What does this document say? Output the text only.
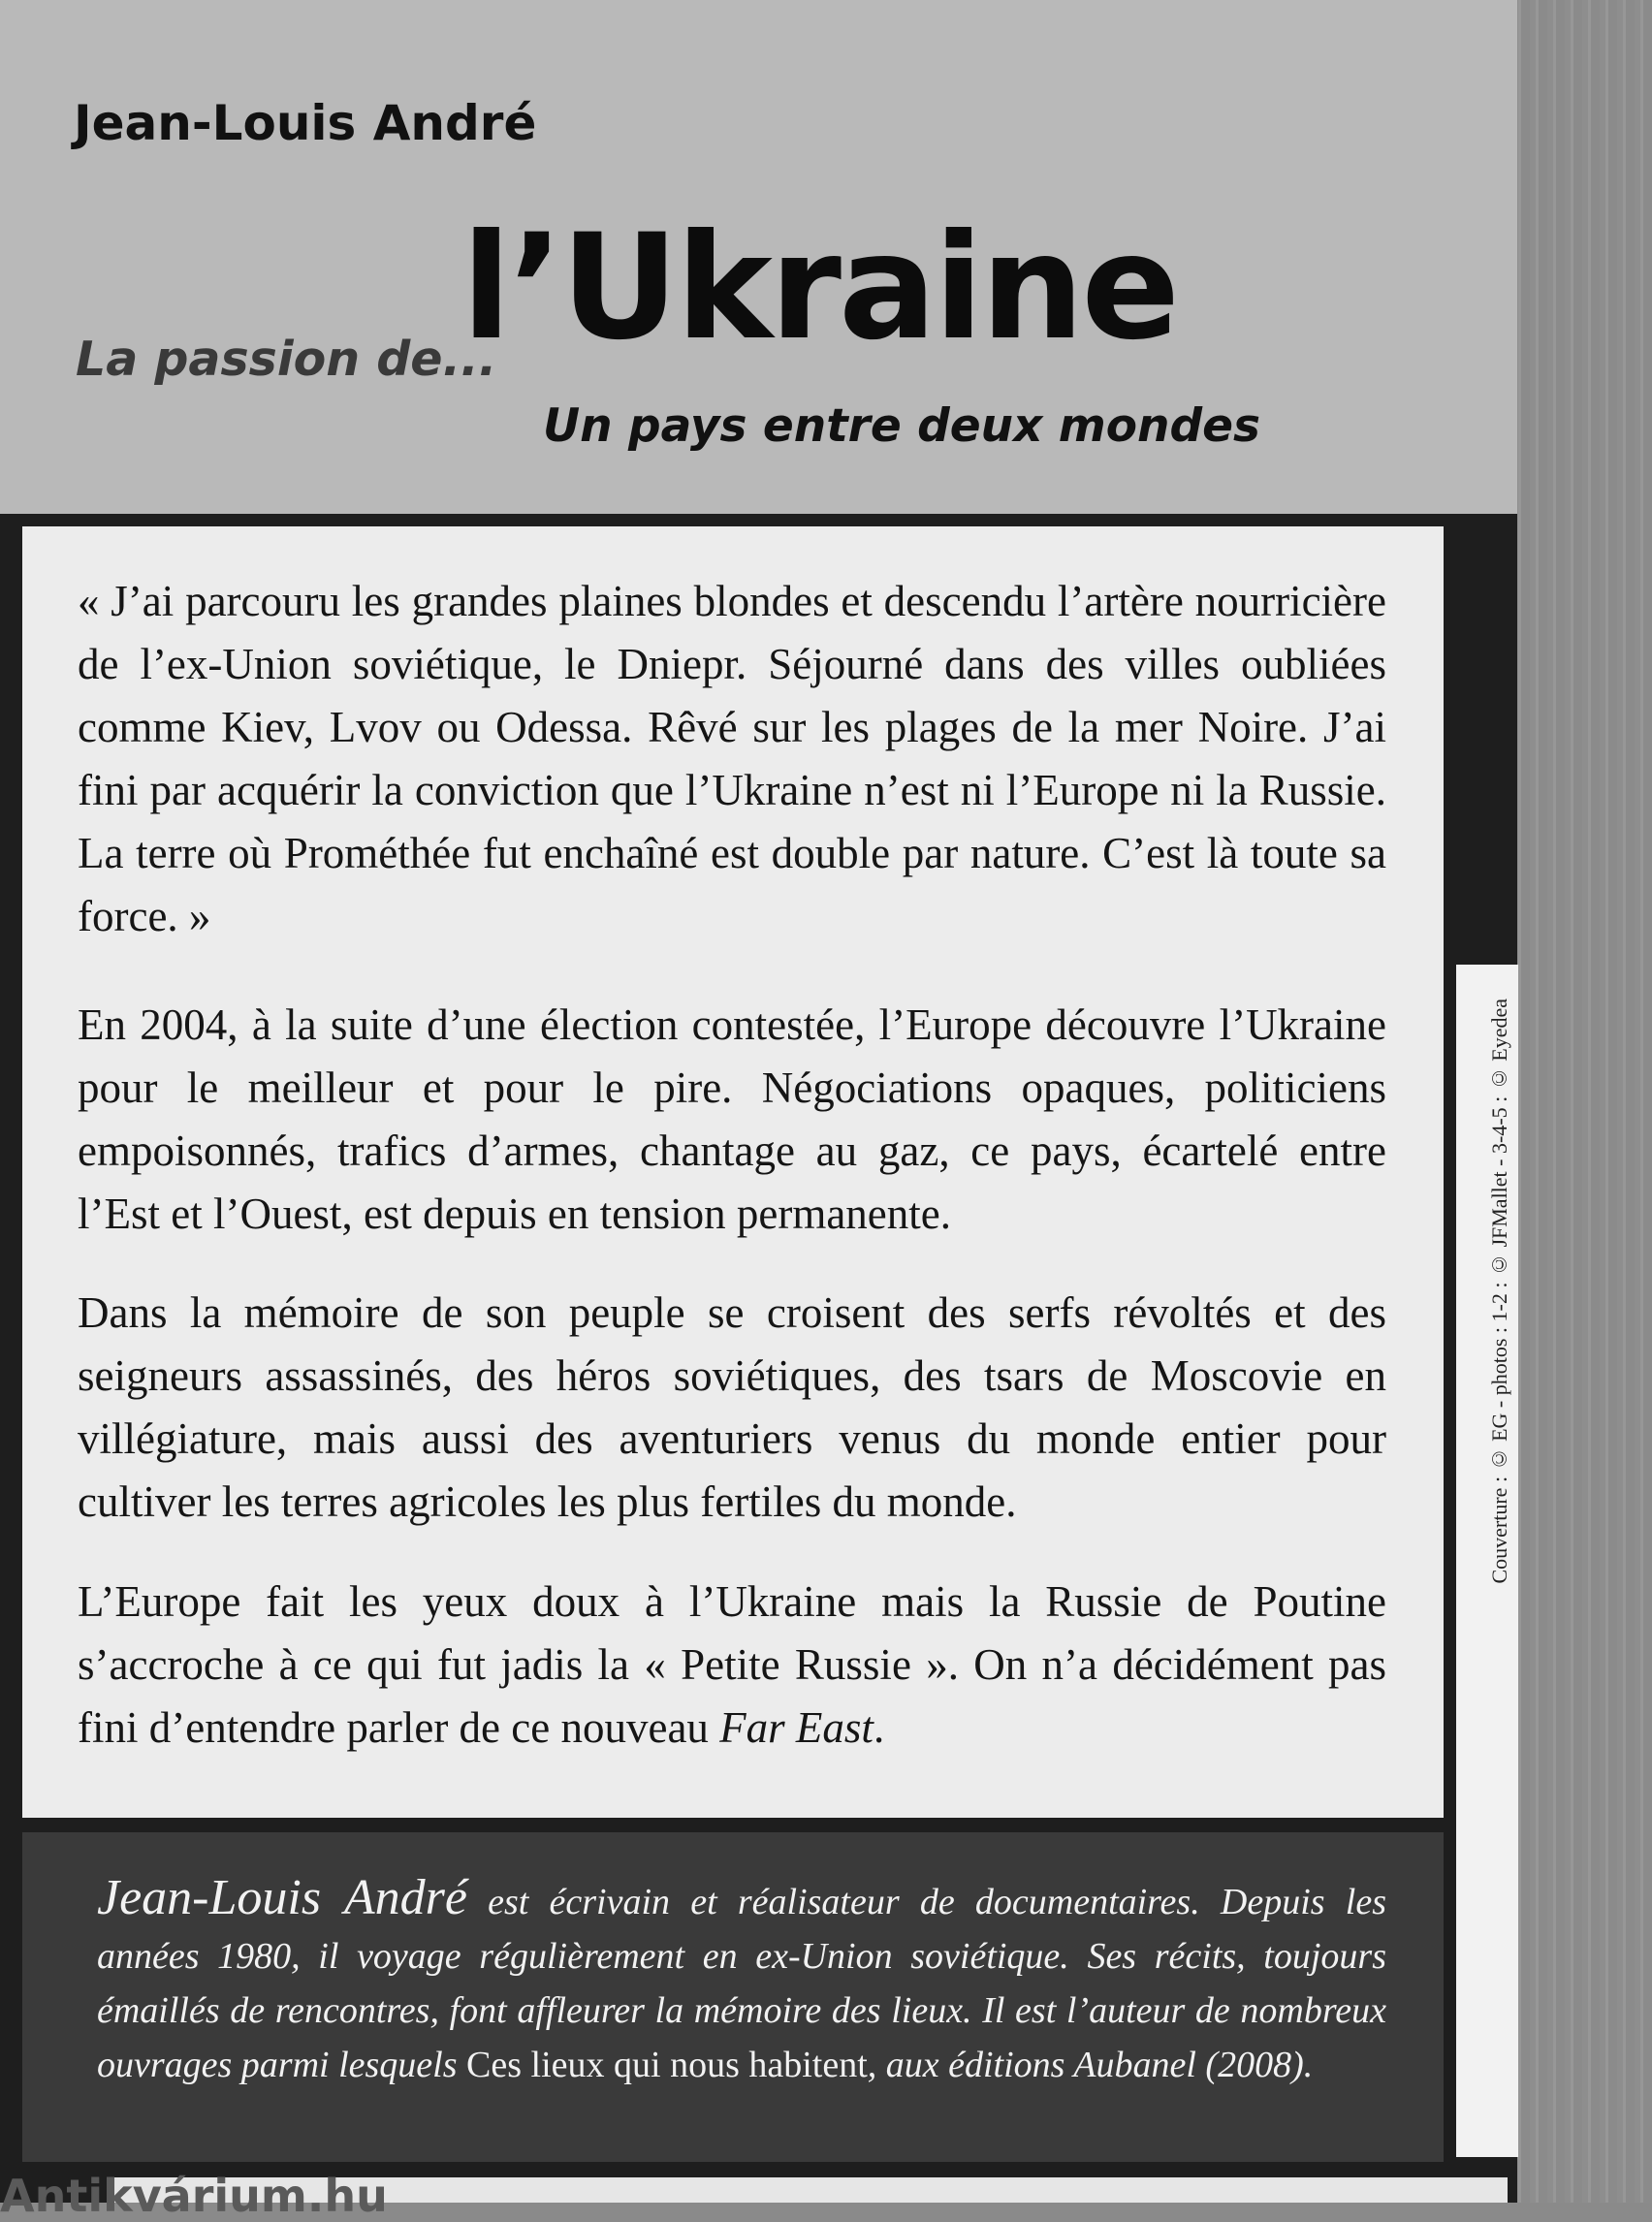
Jean-Louis André
La passion de...
l’Ukraine
Un pays entre deux mondes

« J’ai parcouru les grandes plaines blondes et descendu l’artère nourricière de l’ex-Union soviétique, le Dniepr. Séjourné dans des villes oubliées comme Kiev, Lvov ou Odessa. Rêvé sur les plages de la mer Noire. J’ai fini par acquérir la conviction que l’Ukraine n’est ni l’Europe ni la Russie. La terre où Prométhée fut enchaîné est double par nature. C’est là toute sa force. »

En 2004, à la suite d’une élection contestée, l’Europe découvre l’Ukraine pour le meilleur et pour le pire. Négociations opaques, politiciens empoisonnés, trafics d’armes, chantage au gaz, ce pays, écartelé entre l’Est et l’Ouest, est depuis en tension permanente.

Dans la mémoire de son peuple se croisent des serfs révoltés et des seigneurs assassinés, des héros soviétiques, des tsars de Moscovie en villégiature, mais aussi des aventuriers venus du monde entier pour cultiver les terres agricoles les plus fertiles du monde.

L’Europe fait les yeux doux à l’Ukraine mais la Russie de Poutine s’accroche à ce qui fut jadis la « Petite Russie ». On n’a décidément pas fini d’entendre parler de ce nouveau Far East.

Couverture : © EG - photos : 1-2 : © JFMallet - 3-4-5 : © Eyedea

Jean-Louis André est écrivain et réalisateur de documentaires. Depuis les années 1980, il voyage régulièrement en ex-Union soviétique. Ses récits, toujours émaillés de rencontres, font affleurer la mémoire des lieux. Il est l’auteur de nombreux ouvrages parmi lesquels Ces lieux qui nous habitent, aux éditions Aubanel (2008).

Antikvárium.hu
